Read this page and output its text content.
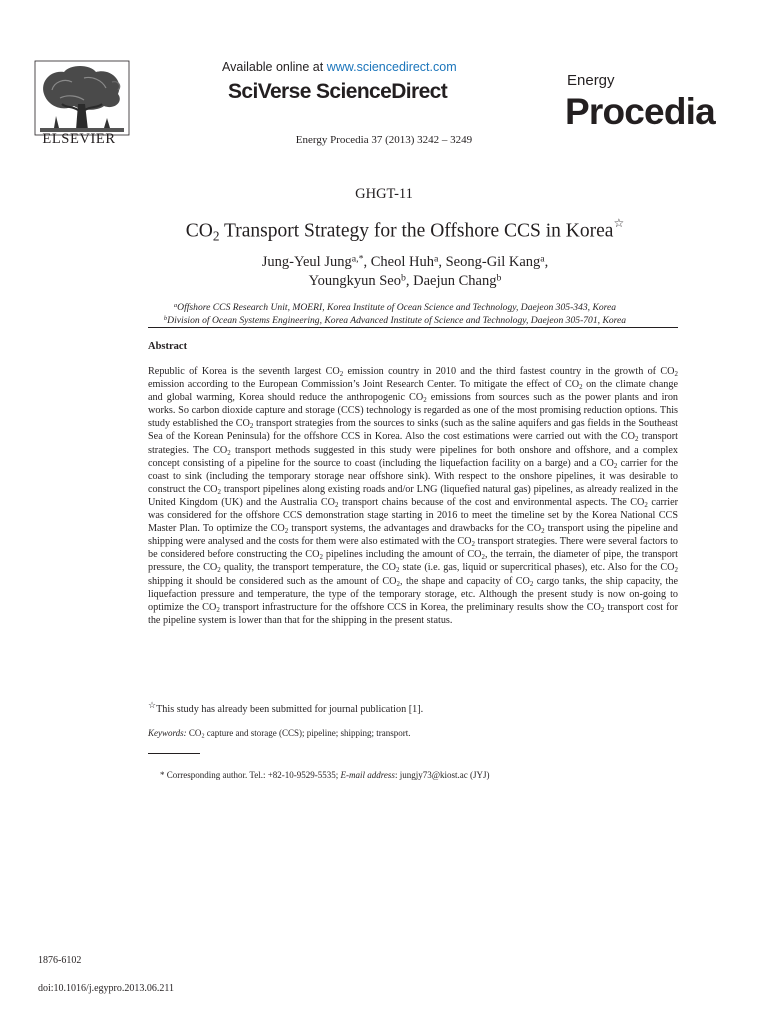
ELSEVIER
Available online at www.sciencedirect.com
SciVerse ScienceDirect
Energy Procedia 37 (2013) 3242 – 3249
Energy
Procedia
GHGT-11
$CO_2$ Transport Strategy for the Offshore CCS in Korea☆
Jung-Yeul Jung$^{a,*}$, Cheol Huh$^a$, Seong-Gil Kang$^a$,
Youngkyun Seo$^b$, Daejun Chang$^b$
$^a$Offshore CCS Research Unit, MOERI, Korea Institute of Ocean Science and Technology, Daejeon 305-343, Korea
$^b$Division of Ocean Systems Engineering, Korea Advanced Institute of Science and Technology, Daejeon 305-701, Korea
Abstract

Republic of Korea is the seventh largest $CO_2$ emission country in 2010 and the third fastest country in the growth of $CO_2$ emission according to the European Commission’s Joint Research Center. To mitigate the effect of $CO_2$ on the climate change and global warming, Korea should reduce the anthropogenic $CO_2$ emissions from sources such as the power plants and iron works. So carbon dioxide capture and storage (CCS) technology is regarded as one of the most promising reduction options. This study established the $CO_2$ transport strategies from the sources to sinks (such as the saline aquifers and gas fields in the Southeast Sea of the Korean Peninsula) for the offshore CCS in Korea. Also the cost estimations were carried out with the $CO_2$ transport strategies. The $CO_2$ transport methods suggested in this study were pipelines for both onshore and offshore, and a complex concept consisting of a pipeline for the source to coast (including the liquefaction facility on a barge) and a $CO_2$ carrier for the coast to sink (including the temporary storage near offshore sink). With respect to the onshore pipelines, it was desirable to construct the $CO_2$ transport pipelines along existing roads and/or LNG (liquefied natural gas) pipelines, as already realized in the United Kingdom (UK) and the Australia $CO_2$ transport chains because of the cost and environmental aspects. The $CO_2$ carrier was considered for the offshore CCS demonstration stage starting in 2016 to meet the timeline set by the Korea National CCS Master Plan. To optimize the $CO_2$ transport systems, the advantages and drawbacks for the $CO_2$ transport using the pipeline and shipping were analysed and the costs for them were also estimated with the $CO_2$ transport strategies. There were several factors to be considered before constructing the $CO_2$ pipelines including the amount of $CO_2$, the terrain, the diameter of pipe, the transport pressure, the $CO_2$ quality, the transport temperature, the $CO_2$ state (i.e. gas, liquid or supercritical phases), etc. Also for the $CO_2$ shipping it should be considered such as the amount of $CO_2$, the shape and capacity of $CO_2$ cargo tanks, the ship capacity, the liquefaction pressure and temperature, the type of the temporary storage, etc. Although the present study is now on-going to optimize the $CO_2$ transport infrastructure for the offshore CCS in Korea, the preliminary results show the $CO_2$ transport cost for the pipeline system is lower than that for the shipping in the present status.

☆This study has already been submitted for journal publication [1].
Keywords: $CO_2$ capture and storage (CCS); pipeline; shipping; transport.
* Corresponding author. Tel.: +82-10-9529-5535; E-mail address: jungjy73@kiost.ac (JYJ)
1876-6102
doi:10.1016/j.egypro.2013.06.211
